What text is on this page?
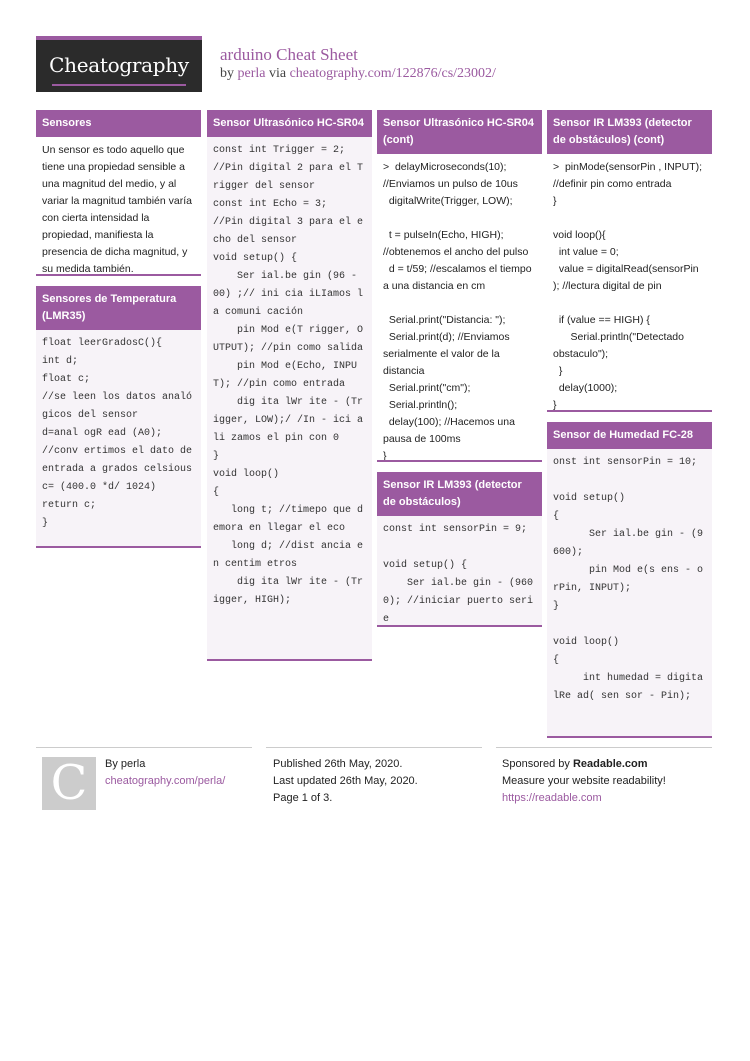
Cheatography	arduino Cheat Sheet
by perla via cheatography.com/122876/cs/23002/
Sensores
Un sensor es todo aquello que tiene una propiedad sensible a una magnitud del medio, y al variar la magnitud también varía con cierta intensidad la propiedad, manifiesta la presencia de dicha magnitud, y su medida también.
Sensores de Temperatura (LMR35)
float leerGradosC(){
int d;
float c;
//se leen los datos analógicos del sensor
d=anal ogR ead (A0);
//conv ertimos el dato de entrada a grados celsious
c= (400.0 *d/ 1024)
return c;
}
Sensor Ultrasónico HC-SR04
const int Trigger = 2;
//Pin digital 2 para el Trigger del sensor
const int Echo = 3;
//Pin digital 3 para el echo del sensor
void setup() {
Ser ial.be gin (96 - 00) ;// ini cia iLIamos la comuni cación
pin Mod e(T rigger, OUTPUT); //pin como salida
pin Mod e(Echo, INPUT); //pin como entrada
dig ita lWr ite - (Tr igger, LOW);/ /In - ici ali zamos el pin con 0
}
void loop()
{
long t; //timepo que demora en llegar el eco
long d; //dist ancia en centim etros
dig ita lWr ite - (Tr igger, HIGH);
Sensor Ultrasónico HC-SR04 (cont)
>  delayMicroseconds(10); //Enviamos un pulso de 10us
digitalWrite(Trigger, LOW);

t = pulseIn(Echo, HIGH); //obtenemos el ancho del pulso
d = t/59; //escalamos el tiempo a una distancia en cm

Serial.print("Distancia: ");
Serial.print(d); //Enviamos serialmente el valor de la distancia
Serial.print("cm");
Serial.println();
delay(100); //Hacemos una pausa de 100ms
}
Sensor IR LM393 (detector de obstáculos)
const int sensorPin = 9;

void setup() {
Ser ial.be gin - (9600); //iniciar puerto serie
Sensor IR LM393 (detector de obstáculos) (cont)
>  pinMode(sensorPin , INPUT); //definir pin como entrada
}

void loop(){
int value = 0;
value = digitalRead(sensorPin ); //lectura digital de pin

if (value == HIGH) {
Serial.println("Detectado obstaculo");
}
delay(1000);
}
Sensor de Humedad FC-28
onst int sensorPin = 10;

void setup()
{
Ser ial.be gin - (9600);
pin Mod e(s ens - orPin, INPUT);
}

void loop()
{
int humedad = digita lRe ad( sen sor - Pin);
C	By perla
cheatography.com/perla/
Published 26th May, 2020.
Last updated 26th May, 2020.
Page 1 of 3.
Sponsored by Readable.com
Measure your website readability!
https://readable.com
